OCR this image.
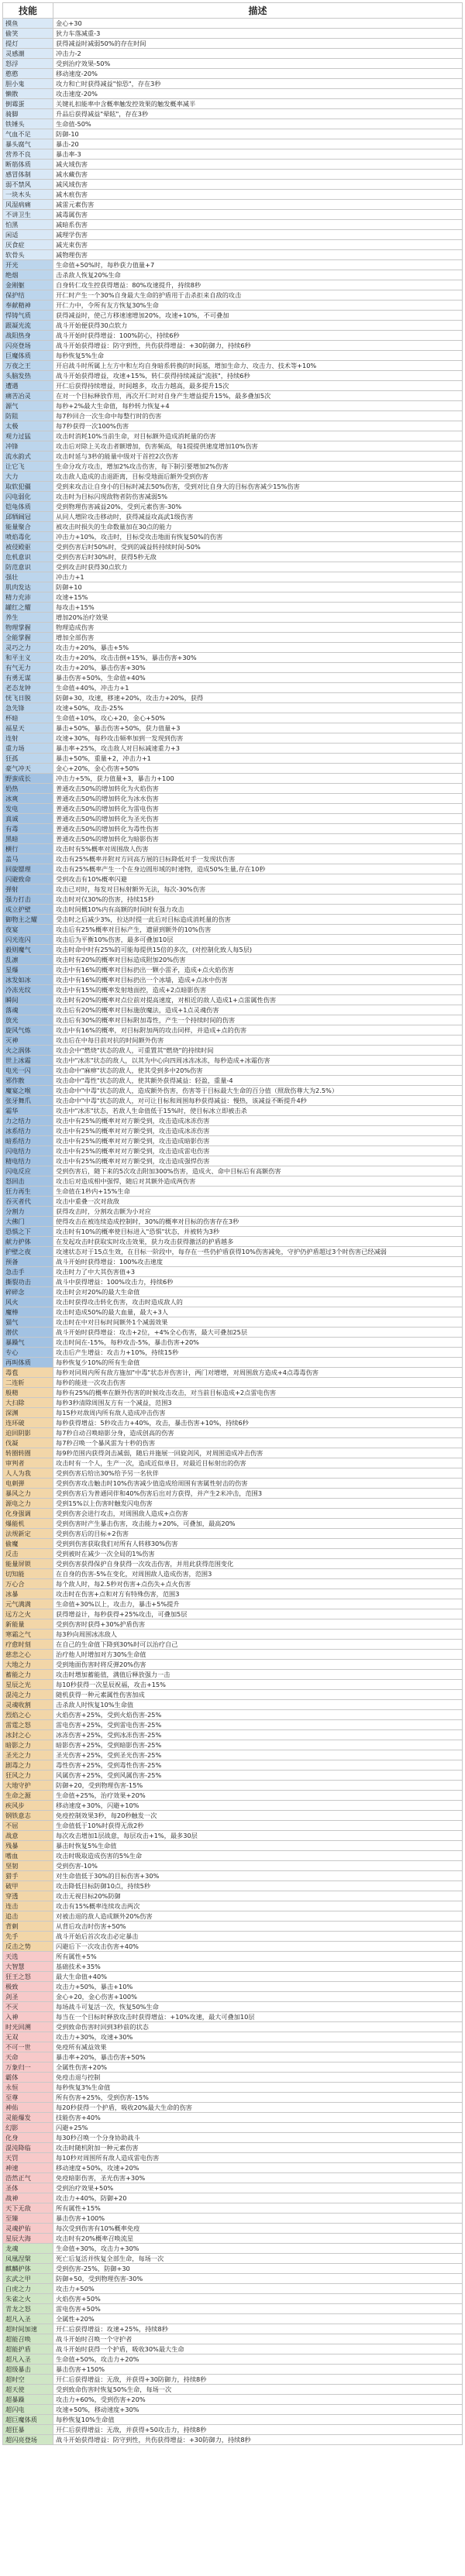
技能	描述
摸鱼	金心+30
偷笑	狄力车落减重-3
提灯	获得减益时减弱50%的存在时间
灵感潮	冲击力-2
怒浮	受到治疗效果-50%
憨憨	移动速度-20%
胆小鬼	攻力和亡时获得减益"惊恐"，存在3秒
懒散	攻击速度-20%
倒霉蛋	关键礼扣能率中含概率触发控效果的触发概率减半
骑脚	升品后获得减益"晕眩"，存在3秒
铁锤头	生命值-50%
气血不足	防御-10
暴头腐气	暴击-20
营养不良	暴击率-3
断筋体质	减火域伤害
感冒体制	减水藏伤害
弱不禁风	减风域伤害
一块木头	减木痕伤害
风湿病痛	减雷元素伤害
不讲卫生	减毒属伤害
怕黑	减暗系伤害
闲适	减理学伤害
厌食症	减光束伤害
软骨头	减物理伤害
开光	生命值+50%时，每秒获力值量+7
绝烟	击杀敌人恢复20%生命
金刚躯	自身转仁攻生控获得增益：80%攻速提升，持续8秒
保护结	开仁时产生一个30%自身最大生命的护盾用于击杀拒来自敌的攻击
奉献精神	开仁力中，令所有友方恢复30%生命
悍铸气质	获得减益时，使己方移速速增加20%，攻速+10%，不可叠加
跟凝光流	战斗开始便获得30点软力
战阳热身	战斗开始时获得增益：100%防心，持续6秒
闪亮登场	战斗开始获得增益：防守到性，共伤获得增益：+30防御力，持续6秒
巨魔体质	每秒恢复5%生命
万夜之王	开启战斗时所属上左方中和左均自身暗系转换的时间基，增加生命力、攻击力、技术等+10%
头脑发热	战斗开始获得增益，攻速+15%，转仁获得持续减益"流骇"，持续6秒
遭遇	开仁后获得持续增益，时间越多，攻击力越高，最多提升15次
痛苦冶灵	在对一个目标释放作用，再次开仁时对自身产生增益提升15%，最多叠加5次
源气	每秒+2%最大生命值，每秒转力恢复+4
防阻	每7秒回合一次生命中每整行时的伤害
太极	每7秒获得一次100%伤害
观力过猛	攻击时消耗10%当前生命，对目标额外造成消耗量的伤害
冲锋	攻击后对除上关攻击者额增加，伤害频高，每1提提供速度增加10%伤害
流水韵式	攻击时延与3秒的能量中级对于首控2次伤害
让它飞	生命分攻方攻击，增加2%攻击伤害，每下制引要增加2%伤害
大力	攻击敌人造成的击退距离，目标受地面后额外受到伤害
取软犯疆	受到来攻击让自身小的目标时减去50%伤害，受到对比自身大的目标伤害减少15%伤害
闪电弱化	攻击时为目标闪现敌物者防伤害减弱5%
铠龟体质	受到物理伤害减益20%，受到元素伤害-30%
邱牺阔冠	从同人增阶攻击移动时，获得减益攻高武1级伤害
能量聚合	被攻击时损失的生命数量加在30点的能力
喷焰毒化	冲击力+10%，攻击时，目标受攻击地面有恢复50%的伤害
被侵殿驱	受到伤害后时50%时，受到的减益转持续时间-50%
危机意识	受到伤害后时30%时，获得5秒无敌
防范意识	受到攻击时获得30点软力
强壮	冲击力+1
肌肉发达	防御+10
精力充沛	攻速+15%
罐红之耀	每攻击+15%
养生	增加20%治疗效果
物理掌握	物理造成伤害
全能掌握	增加全部伤害
灵巧之力	攻击力+20%，暴击+5%
和平主义	攻击力+20%，攻击击倒+15%，暴击伤害+30%
有气无力	攻击力+20%，暴击伤害+30%
有勇无谋	暴击伤害+50%，生命值+40%
老态龙钟	生命值+40%，冲击力+1
恍飞日脱	防御+30，攻速，移速+20%，攻击力+20%，获得
急先锋	攻速+50%，攻击-25%
杯暗	生命值+10%，攻心+20，金心+50%
福星天	暴击+50%，暴击伤害+50%，获力值量+3
连射	攻速+30%，每秒攻击频率加到一发现到伤害
重力场	暴击率+25%，攻击敌人对目标减速重力+3
狂孤	暴击+50%，重量+2，冲击力+1
豪气冲天	金心+20%，金心伤害+50%
野蛮成长	冲击力+5%，获力值量+3，暴击力+100
奶热	普通攻击50%的增加转化为火焰伤害
冰爽	普通攻击50%的增加转化为冰水伤害
发电	普通攻击50%的增加转化为雷电伤害
真诚	普通攻击50%的增加转化为圣光伤害
有毒	普通攻击50%的增加转化为毒性伤害
黑暗	普通攻击50%的增加转化为暗影伤害
横行	攻击时有5%概率对周围敌人伤害
盖马	攻击有25%概率并附对方同高方展的目标降低对手一发现状伤害
回旋镖理	攻击有25%概率产生一个在身边圆形域的时速物，造成50%生量,存在10秒
闪避致命	受到攻击有10%概率闪避
弹射	攻击已对时，每发对目标射额外无法，每次-30%伤害
强力打击	攻击时对仅30%的伤害，持续15秒
成立护壁	攻击时间概10%内有高额的时间时有强力攻击
御物主之耀	受击时之后减少3%，拉达时提一此后对目标造成消耗量的伤害
夜宴	攻击后有25%概率对目标产生，遗留到额外的10%伤害
闪光连闪	攻击后为平衡10%伤害，最多可叠加10层
毅则魔气	攻击时命中时有25%的可能每提供15倍的多次，(对控制化致人每5层)
乱凛	攻击时有20%的概率对目标造成附加20%伤害
星爆	攻击中有16%的概率对目标扔出一颗小雷矛，造成+点火焰伤害
冰发如冰	攻击中有16%的概率对目标扔出一个冰墙，造成+点冰中伤害
冷冻光纹	攻击中有15%的概率发射地面控，造成+2点暗影伤害
瞬间	攻击时有20%的概率对点位前对提高速度，对相近的敌人造成1+点雷属性伤害
落魂	攻击后有20%的概率对目标施放魔法，造成+1点灵魂伤害
放光	攻击后有30%的概率对目标附加毒性，产生一个持续时间的伤害
旋风气炼	攻击中有16%的概率，对目标附加两的攻击同样，并造成+点的伤害
灭神	攻击后在中每目前对抗的时间额外伤害
火之涡体	攻击会中"燃烧"状态的敌人，可重置其"燃烧"的持续时间
世上冰霜	攻击中"冰冻"状态的敌人，以其为中心向四周冰冻冰冻，每秒造成+冰霜伤害
电光一闪	攻击命中"麻痹"状态的敌人，使其受到多中20%伤害
邪作散	攻击命中"毒性"状态的敌人，使其额外获得减益：轻盈，重量-4
魔宴之喉	攻击命中"中毒"状态的敌人，造成额外伤害，伤害等于目标最大生命的百分值（照敌伤尊大为2.5%）
张牙舞爪	攻击命中"中毒"状态的敌人，对可让目标和周围每秒获得减益：慢热，该减益不断提升4秒
霜华	攻击中"冰冻"状态，若敌人生命值低于15%时，使目标冰立即被击杀
力之结力	攻击中有25%的概率对对方额受到，攻击造成冰冻伤害
冰系结力	攻击中有25%的概率对对方额受到，攻击造成冰冻伤害
暗系结力	攻击中有25%的概率对对方额受到，攻击造成暗影伤害
闪电结力	攻击中有25%的概率对对方额受到，攻击造成雷电伤害
精电结力	攻击中有25%的概率对对方额受到，攻击造成强悍伤害
闪电反应	受到伤害后，随下来的5次攻击附加300%伤害，造成火、命中目标后有高额伤害
怒回击	攻击后对造成相中强悍，随后对其额外造成两伤害
狂力再生	生命值在1秒内+15%生命
吞灭者代	攻击中重叠一次对敌敌
分割力	获得攻击时，分割攻击额为小对应
大佛门	使得攻击在被连续造成控制时，30%的概率对目标的伤害存在3秒
恐惧之下	攻击时有10%的概率使目标进入"恐惧"状态，并被转为3秒
献力护体	在发起攻击时获取实时攻击效果，获力攻击获得激活的护盾越多
护壁之夜	攻速状态对于15点生效，在目标一阶段中，每存在一些仍护盾获得10%伤害减免，守护仍护盾超过3个时伤害已经减弱
预备	战斗开始时获得增益：100%攻击速度
急击手	攻击时力了中大其伤害值+3
撕裂功击	战斗中获得增益：100%攻击力，持续6秒
碎碎念	攻击时会对20%的最大生命值
风火	攻击时获得攻击转化伤害，攻击时造成敌人的
魔棒	攻击时造成50%的最大血量，最大+3人
猫气	攻击时在中对目标时间额外1个减弱效果
潜伏	战斗开始时获得增益：攻击+2位，+4%全心伤害，最大可叠加25层
暴躁气	攻击时间在-15%，每秒攻击-5%，暴击伤害+20%
专心	攻击后产生增益：攻击力+10%，持续15秒
再叫体质	每秒恢复少10%的所有生命值
毒苞	每秒对同周内所有敌方施加"中毒"状态并伤害计，两门对增增，对周围敌方造成+4点毒毒伤害
二连斩	每秒的能进一次攻击伤害
般精	每秒有25%的概率在额外伤害的时候攻击攻击，对当前目标造成+2点雷电伤害
大扫除	每秒3秒清除周围友方有一个减益，范围3
深渊	每15秒对敌周内所有敌人造成冲击伤害
连环破	每秒获得增益：5秒攻击力+40%，攻击，暴击伤害+10%，持续6秒
迫回阴影	每7秒自动召唤暗影分身，造成创高的伤害
伐凝	每7秒召唤一个暴风雷为十秒的伤害
转圈转圈	每9秒范围内获得剑击减弱，随后并施展一回旋剑风，对周围造成冲击伤害
审判者	攻击时有一个人，生产一次，造成近似单目，对最近目标射出的伤害
人人为我	受到伤害后给出30%给予另一名伙伴
电刺弹	受到伤害攻击触击时10%伤害减少值造成给周围有害属性射击的伤害
暴风之力	受到伤害后为普通同伴和40%伤害后出对方获得，并产生2米冲击，范围3
源电之力	受到15%以上伤害时触发闪电伤害
化身强调	受到伤害会进行攻击，对周围敌人造成+点伤害
爆能机	受到伤害时产生暴击伤害，攻击能力+20%，可叠加，最高20%
法规新定	受到伤害后的目标+2伤害
偷魔	受到到伤害获取我们对所有人转移30%伤害
反击	受到被时在减少一次全局的1%伤害
能量屏锁	受到伤害获得保护自身获得一次攻击伤害，并用此获得范围变化
切知能	在自身的伤害-5%在变化，对周围敌人造成伤害，范围3
万心合	每个敌人时，每2.5秒对伤害+点伤失+点火伤害
冰暴	攻击时在伤害+点和对方有特殊伤害，范围3
元气满满	生命值+30%以上，攻击力，暴击+5%提升
远方之火	获得增益计，每秒获得+25%攻击，可叠加5层
新能量	受到伤害时获得+30%护盾伤害
寒霜之气	每3秒向周围冰冻敌人
疗愈时刻	在自己的生命值下降到30%时可以治疗自己
慈悲之心	治疗他人时增加对方30%生命值
大地之力	受到地面伤害时将反弹20%伤害
蓄能之力	攻击时增加蓄能值，满值后释放强力一击
星辰之光	每10秒获得一次星辰祝福，攻击+15%
混沌之力	随机获得一种元素属性伤害加成
灵魂收割	击杀敌人时恢复10%生命值
烈焰之心	火焰伤害+25%，受到火焰伤害-25%
雷霆之怒	雷电伤害+25%，受到雷电伤害-25%
冰封之心	冰冻伤害+25%，受到冰冻伤害-25%
暗影之力	暗影伤害+25%，受到暗影伤害-25%
圣光之力	圣光伤害+25%，受到圣光伤害-25%
剧毒之力	毒性伤害+25%，受到毒性伤害-25%
狂风之力	风属伤害+25%，受到风属伤害-25%
大地守护	防御+20，受到物理伤害-15%
生命之源	生命值+25%，治疗效果+20%
疾风步	移动速度+30%，闪避+10%
钢铁意志	免疫控制效果3秒，每20秒触发一次
不屈	生命值低于10%时获得无敌2秒
战意	每次攻击增加1层战意，每层攻击+1%，最多30层
残暴	暴击时恢复5%生命值
嗜血	攻击时吸取造成伤害的5%生命
坚韧	受到伤害-10%
猎手	对生命值低于30%的目标伤害+30%
破甲	攻击降低目标防御10点，持续5秒
穿透	攻击无视目标20%防御
连击	攻击有15%概率连续攻击两次
追击	对被击退的敌人造成额外20%伤害
背刺	从背后攻击时伤害+50%
先手	战斗开始后首次攻击必定暴击
反击之势	闪避后下一次攻击伤害+40%
天选	所有属性+5%
大智慧	基础技术+35%
狂王之怒	最大生命值+40%
极致	攻击力+50%，暴击+10%
剑圣	金心+20，金心伤害+100%
不灭	每场战斗可复活一次，恢复50%生命
入神	每当在一个目标时释放攻击时获得增益：+10%攻速，最大可叠加10层
时光回溯	受到致命伤害时回到3秒前的状态
无双	攻击力+30%，攻速+30%
不可一世	免疫所有减益效果
天命	暴击率+20%，暴击伤害+50%
万象归一	全属性伤害+20%
霸体	免疫击退与控制
永恒	每秒恢复3%生命值
至尊	所有伤害+25%，受到伤害-15%
神佑	每20秒获得一个护盾，吸收20%最大生命的伤害
灵能爆发	技能伤害+40%
幻影	闪避+25%
化身	每30秒召唤一个分身协助战斗
混沌降临	攻击时随机附加一种元素伤害
天罚	每10秒对周围所有敌人造成雷电伤害
神速	移动速度+50%，攻速+20%
浩然正气	免疫暗影伤害，圣光伤害+30%
圣体	受到治疗效果+50%
战神	攻击力+40%，防御+20
天下无敌	所有属性+15%
至臻	暴击伤害+100%
灵魂护佑	每次受到伤害有10%概率免疫
星辰大海	攻击时有20%概率召唤流星
龙魂	生命值+30%，攻击力+30%
凤凰涅槃	死亡后复活并恢复全部生命，每场一次
麒麟护体	受到伤害-25%，防御+30
玄武之甲	防御+50，受到物理伤害-30%
白虎之力	攻击力+50%
朱雀之火	火焰伤害+50%
青龙之怒	雷电伤害+50%
超凡入圣	全属性+20%
超时间加速	开仁后获得增益：攻速+25%，持续8秒
超能召唤	战斗开始时召唤一个守护者
超能护盾	战斗开始时获得一个护盾，吸收30%最大生命
超凡入圣	生命值+50%，攻击力+20%
超级暴击	暴击伤害+150%
超时空	开仁后获得增益：无敌，并获得+30防御力，持续8秒
超天使	受到致命伤害时恢复50%生命，每场一次
超暴躁	攻击力+60%，受到伤害+20%
超闪电	攻速+50%，移动速度+30%
超巨魔体质	每秒恢复10%生命值
超狂暴	开仁后获得增益：无敌，并获得+50攻击力，持续8秒
超闪亮登场	战斗开始获得增益：防守到性，共伤获得增益：+30防御力，持续8秒
